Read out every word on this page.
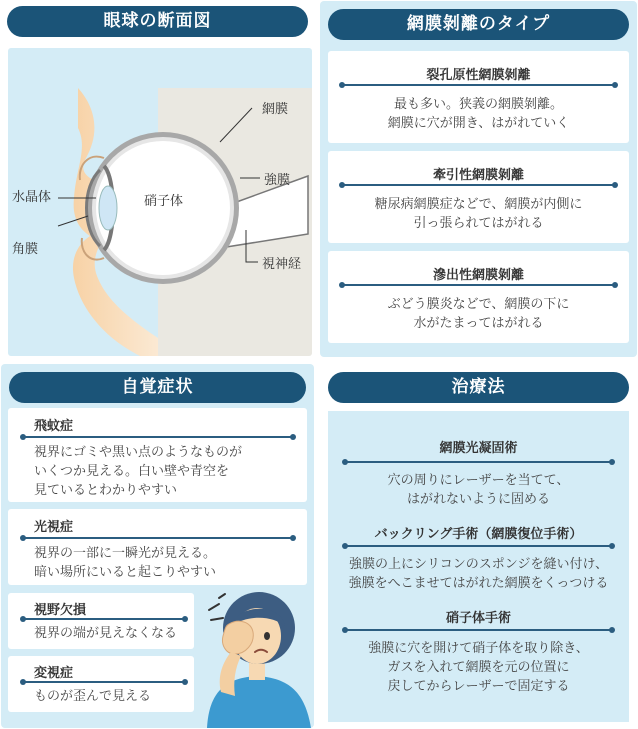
眼球の断面図
網膜
強膜
水晶体	硝子体
角膜
視神経
網膜剝離のタイプ
裂孔原性網膜剝離
最も多い。狭義の網膜剝離。
網膜に穴が開き、はがれていく
牽引性網膜剝離
糖尿病網膜症などで、網膜が内側に
引っ張られてはがれる
滲出性網膜剝離
ぶどう膜炎などで、網膜の下に
水がたまってはがれる
自覚症状
飛蚊症
視界にゴミや黒い点のようなものが
いくつか見える。白い壁や青空を
見ているとわかりやすい
光視症
視界の一部に一瞬光が見える。
暗い場所にいると起こりやすい
視野欠損
視界の端が見えなくなる
変視症
ものが歪んで見える
治療法
網膜光凝固術
穴の周りにレーザーを当てて、
はがれないように固める
バックリング手術（網膜復位手術）
強膜の上にシリコンのスポンジを縫い付け、
強膜をへこませてはがれた網膜をくっつける
硝子体手術
強膜に穴を開けて硝子体を取り除き、
ガスを入れて網膜を元の位置に
戻してからレーザーで固定する
